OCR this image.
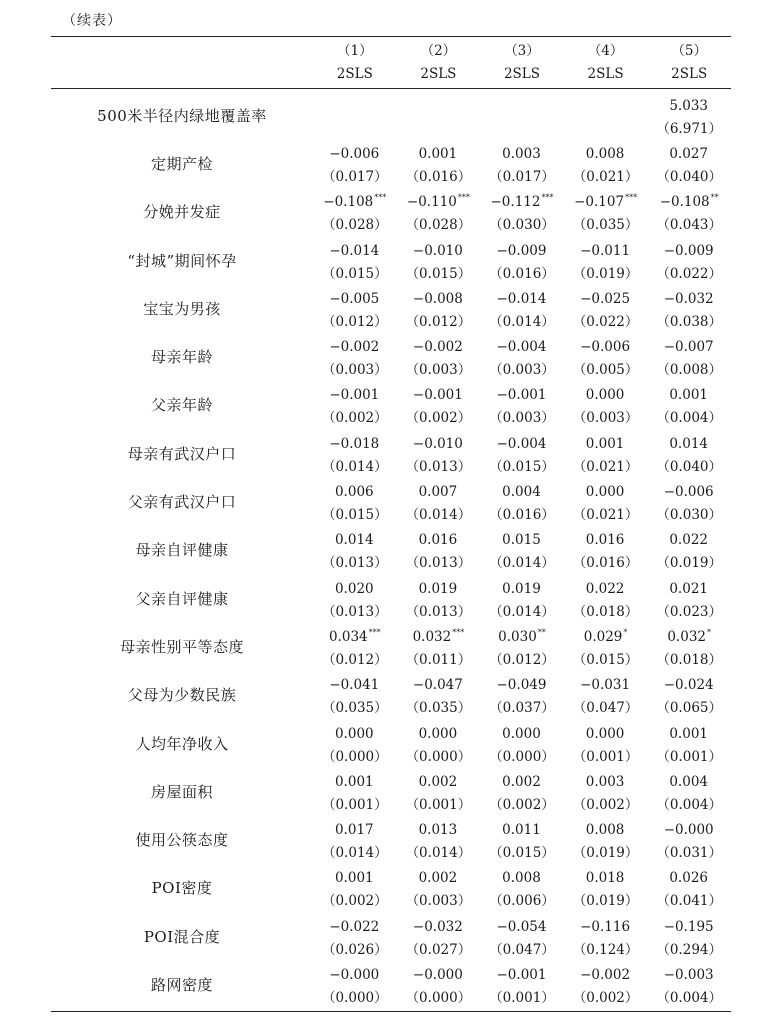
（续表）
（1）
2SLS
（2）
2SLS
（3）
2SLS
（4）
2SLS
（5）
2SLS
500米半径内绿地覆盖率
5.033
（6.971）
定期产检
−0.006
（0.017）
0.001
（0.016）
0.003
（0.017）
0.008
（0.021）
0.027
（0.040）
分娩并发症
−0.108***
（0.028）
−0.110***
（0.028）
−0.112***
（0.030）
−0.107***
（0.035）
−0.108**
（0.043）
“封城”期间怀孕
−0.014
（0.015）
−0.010
（0.015）
−0.009
（0.016）
−0.011
（0.019）
−0.009
（0.022）
宝宝为男孩
−0.005
（0.012）
−0.008
（0.012）
−0.014
（0.014）
−0.025
（0.022）
−0.032
（0.038）
母亲年龄
−0.002
（0.003）
−0.002
（0.003）
−0.004
（0.003）
−0.006
（0.005）
−0.007
（0.008）
父亲年龄
−0.001
（0.002）
−0.001
（0.002）
−0.001
（0.003）
0.000
（0.003）
0.001
（0.004）
母亲有武汉户口
−0.018
（0.014）
−0.010
（0.013）
−0.004
（0.015）
0.001
（0.021）
0.014
（0.040）
父亲有武汉户口
0.006
（0.015）
0.007
（0.014）
0.004
（0.016）
0.000
（0.021）
−0.006
（0.030）
母亲自评健康
0.014
（0.013）
0.016
（0.013）
0.015
（0.014）
0.016
（0.016）
0.022
（0.019）
父亲自评健康
0.020
（0.013）
0.019
（0.013）
0.019
（0.014）
0.022
（0.018）
0.021
（0.023）
母亲性别平等态度
0.034***
（0.012）
0.032***
（0.011）
0.030**
（0.012）
0.029*
（0.015）
0.032*
（0.018）
父母为少数民族
−0.041
（0.035）
−0.047
（0.035）
−0.049
（0.037）
−0.031
（0.047）
−0.024
（0.065）
人均年净收入
0.000
（0.000）
0.000
（0.000）
0.000
（0.000）
0.000
（0.001）
0.001
（0.001）
房屋面积
0.001
（0.001）
0.002
（0.001）
0.002
（0.002）
0.003
（0.002）
0.004
（0.004）
使用公筷态度
0.017
（0.014）
0.013
（0.014）
0.011
（0.015）
0.008
（0.019）
−0.000
（0.031）
POI密度
0.001
（0.002）
0.002
（0.003）
0.008
（0.006）
0.018
（0.019）
0.026
（0.041）
POI混合度
−0.022
（0.026）
−0.032
（0.027）
−0.054
（0.047）
−0.116
（0.124）
−0.195
（0.294）
路网密度
−0.000
（0.000）
−0.000
（0.000）
−0.001
（0.001）
−0.002
（0.002）
−0.003
（0.004）
